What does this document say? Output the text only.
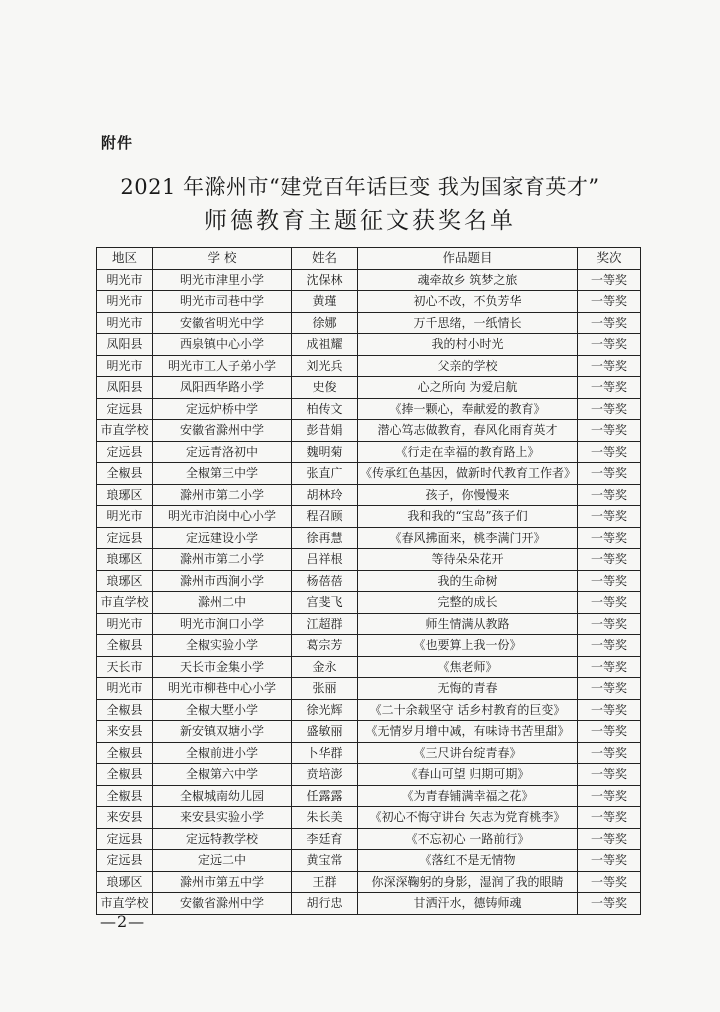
附件
2021 年滁州市“建党百年话巨变 我为国家育英才”
师德教育主题征文获奖名单
地区	学 校	姓名	作品题目	奖次
明光市	明光市津里小学	沈保林	魂牵故乡 筑梦之旅	一等奖
明光市	明光市司巷中学	黄瑾	初心不改，不负芳华	一等奖
明光市	安徽省明光中学	徐娜	万千思绪，一纸情长	一等奖
凤阳县	西泉镇中心小学	成祖耀	我的村小时光	一等奖
明光市	明光市工人子弟小学	刘光兵	父亲的学校	一等奖
凤阳县	凤阳西华路小学	史俊	心之所向 为爱启航	一等奖
定远县	定远炉桥中学	柏传文	《捧一颗心，奉献爱的教育》	一等奖
市直学校	安徽省滁州中学	彭昔娟	潜心笃志做教育，春风化雨育英才	一等奖
定远县	定远青洛初中	魏明菊	《行走在幸福的教育路上》	一等奖
全椒县	全椒第三中学	张直广	《传承红色基因，做新时代教育工作者》	一等奖
琅琊区	滁州市第二小学	胡林玲	孩子，你慢慢来	一等奖
明光市	明光市泊岗中心小学	程召顾	我和我的“宝岛”孩子们	一等奖
定远县	定远建设小学	徐再慧	《春风拂面来，桃李满门开》	一等奖
琅琊区	滁州市第二小学	吕祥根	等待朵朵花开	一等奖
琅琊区	滁州市西涧小学	杨蓓蓓	我的生命树	一等奖
市直学校	滁州二中	宫斐飞	完整的成长	一等奖
明光市	明光市涧口小学	江超群	师生情满从教路	一等奖
全椒县	全椒实验小学	葛宗芳	《也要算上我一份》	一等奖
天长市	天长市金集小学	金永	《焦老师》	一等奖
明光市	明光市柳巷中心小学	张丽	无悔的青春	一等奖
全椒县	全椒大墅小学	徐光辉	《二十余载坚守 话乡村教育的巨变》	一等奖
来安县	新安镇双塘小学	盛敏丽	《无情岁月增中减，有味诗书苦里甜》	一等奖
全椒县	全椒前进小学	卜华群	《三尺讲台绽青春》	一等奖
全椒县	全椒第六中学	贲培澎	《春山可望 归期可期》	一等奖
全椒县	全椒城南幼儿园	任露露	《为青春铺满幸福之花》	一等奖
来安县	来安县实验小学	朱长美	《初心不悔守讲台 矢志为党育桃李》	一等奖
定远县	定远特教学校	李廷育	《不忘初心 一路前行》	一等奖
定远县	定远二中	黄宝常	《落红不是无情物	一等奖
琅琊区	滁州市第五中学	王群	你深深鞠躬的身影，湿润了我的眼睛	一等奖
市直学校	安徽省滁州中学	胡行忠	甘洒汗水，德铸师魂	一等奖
—2—
